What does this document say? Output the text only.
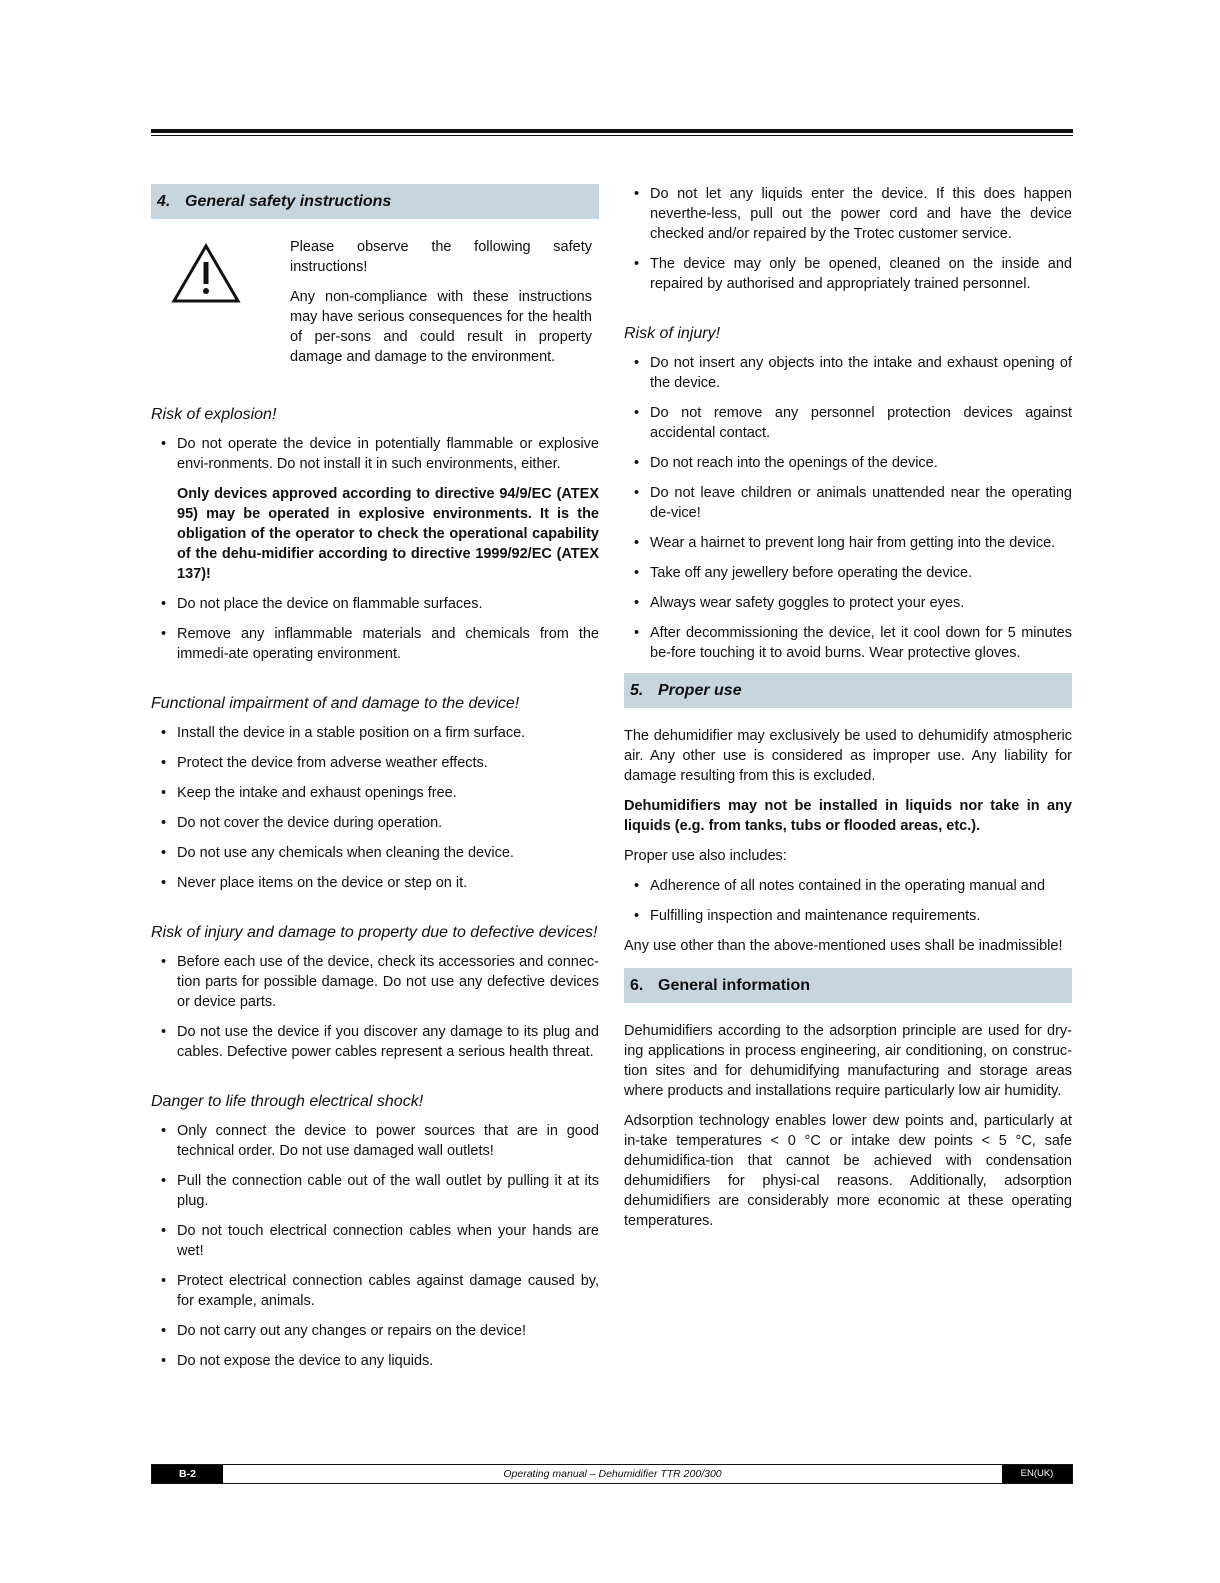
4. General safety instructions

Please observe the following safety instructions!

Any non-compliance with these instructions may have serious consequences for the health of per-sons and could result in property damage and damage to the environment.

Risk of explosion!
• Do not operate the device in potentially flammable or explosive envi-ronments. Do not install it in such environments, either.
Only devices approved according to directive 94/9/EC (ATEX 95) may be operated in explosive environments. It is the obligation of the operator to check the operational capability of the dehu-midifier according to directive 1999/92/EC (ATEX 137)!
• Do not place the device on flammable surfaces.
• Remove any inflammable materials and chemicals from the immedi-ate operating environment.
Functional impairment of and damage to the device!
• Install the device in a stable position on a firm surface.
• Protect the device from adverse weather effects.
• Keep the intake and exhaust openings free.
• Do not cover the device during operation.
• Do not use any chemicals when cleaning the device.
• Never place items on the device or step on it.
Risk of injury and damage to property due to defective devices!
• Before each use of the device, check its accessories and connec-tion parts for possible damage. Do not use any defective devices or device parts.
• Do not use the device if you discover any damage to its plug and cables. Defective power cables represent a serious health threat.
Danger to life through electrical shock!
• Only connect the device to power sources that are in good technical order. Do not use damaged wall outlets!
• Pull the connection cable out of the wall outlet by pulling it at its plug.
• Do not touch electrical connection cables when your hands are wet!
• Protect electrical connection cables against damage caused by, for example, animals.
• Do not carry out any changes or repairs on the device!
• Do not expose the device to any liquids.
• Do not let any liquids enter the device. If this does happen neverthe-less, pull out the power cord and have the device checked and/or repaired by the Trotec customer service.
• The device may only be opened, cleaned on the inside and repaired by authorised and appropriately trained personnel.
Risk of injury!
• Do not insert any objects into the intake and exhaust opening of the device.
• Do not remove any personnel protection devices against accidental contact.
• Do not reach into the openings of the device.
• Do not leave children or animals unattended near the operating de-vice!
• Wear a hairnet to prevent long hair from getting into the device.
• Take off any jewellery before operating the device.
• Always wear safety goggles to protect your eyes.
• After decommissioning the device, let it cool down for 5 minutes be-fore touching it to avoid burns. Wear protective gloves.
5. Proper use

The dehumidifier may exclusively be used to dehumidify atmospheric air. Any other use is considered as improper use. Any liability for damage resulting from this is excluded.

Dehumidifiers may not be installed in liquids nor take in any liquids (e.g. from tanks, tubs or flooded areas, etc.).

Proper use also includes:

• Adherence of all notes contained in the operating manual and
• Fulfilling inspection and maintenance requirements.

Any use other than the above-mentioned uses shall be inadmissible!

6. General information

Dehumidifiers according to the adsorption principle are used for dry-ing applications in process engineering, air conditioning, on construc-tion sites and for dehumidifying manufacturing and storage areas where products and installations require particularly low air humidity.

Adsorption technology enables lower dew points and, particularly at in-take temperatures < 0 °C or intake dew points < 5 °C, safe dehumidifica-tion that cannot be achieved with condensation dehumidifiers for physi-cal reasons. Additionally, adsorption dehumidifiers are considerably more economic at these operating temperatures.

B-2	Operating manual – Dehumidifier TTR 200/300	EN(UK)
